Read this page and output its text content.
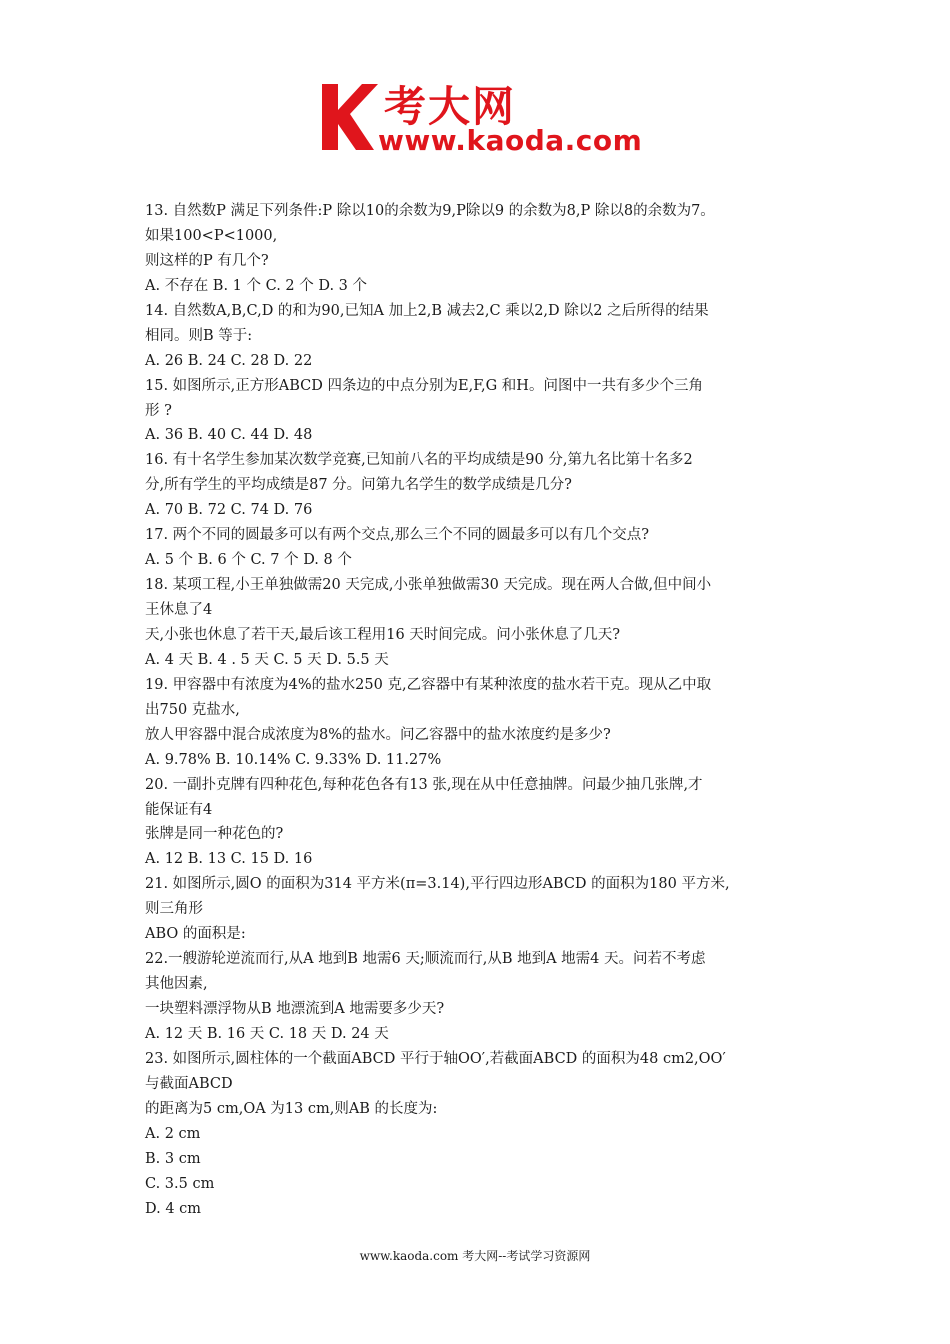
考大网
www.kaoda.com
13. 自然数P 满足下列条件:P 除以10的余数为9,P除以9 的余数为8,P 除以8的余数为7。
如果100<P<1000,
则这样的P 有几个?
A. 不存在 B. 1 个 C. 2 个 D. 3 个
14. 自然数A,B,C,D 的和为90,已知A 加上2,B 减去2,C 乘以2,D 除以2 之后所得的结果
相同。则B 等于:
A. 26 B. 24 C. 28 D. 22
15. 如图所示,正方形ABCD 四条边的中点分别为E,F,G 和H。问图中一共有多少个三角
形 ?
A. 36 B. 40 C. 44 D. 48
16. 有十名学生参加某次数学竞赛,已知前八名的平均成绩是90 分,第九名比第十名多2
分,所有学生的平均成绩是87 分。问第九名学生的数学成绩是几分?
A. 70 B. 72 C. 74 D. 76
17. 两个不同的圆最多可以有两个交点,那么三个不同的圆最多可以有几个交点?
A. 5 个 B. 6 个 C. 7 个 D. 8 个
18. 某项工程,小王单独做需20 天完成,小张单独做需30 天完成。现在两人合做,但中间小
王休息了4
天,小张也休息了若干天,最后该工程用16 天时间完成。问小张休息了几天?
A. 4 天 B. 4 . 5 天 C. 5 天 D. 5.5 天
19. 甲容器中有浓度为4%的盐水250 克,乙容器中有某种浓度的盐水若干克。现从乙中取
出750 克盐水,
放人甲容器中混合成浓度为8%的盐水。问乙容器中的盐水浓度约是多少?
A. 9.78% B. 10.14% C. 9.33% D. 11.27%
20. 一副扑克牌有四种花色,每种花色各有13 张,现在从中任意抽牌。问最少抽几张牌,才
能保证有4
张牌是同一种花色的?
A. 12 B. 13 C. 15 D. 16
21. 如图所示,圆O 的面积为314 平方米(π=3.14),平行四边形ABCD 的面积为180 平方米,
则三角形
ABO 的面积是:
22.一艘游轮逆流而行,从A 地到B 地需6 天;顺流而行,从B 地到A 地需4 天。问若不考虑
其他因素,
一块塑料漂浮物从B 地漂流到A 地需要多少天?
A. 12 天 B. 16 天 C. 18 天 D. 24 天
23. 如图所示,圆柱体的一个截面ABCD 平行于轴OO′,若截面ABCD 的面积为48 cm2,OO′
与截面ABCD
的距离为5 cm,OA 为13 cm,则AB 的长度为:
A. 2 cm
B. 3 cm
C. 3.5 cm
D. 4 cm
www.kaoda.com 考大网--考试学习资源网
